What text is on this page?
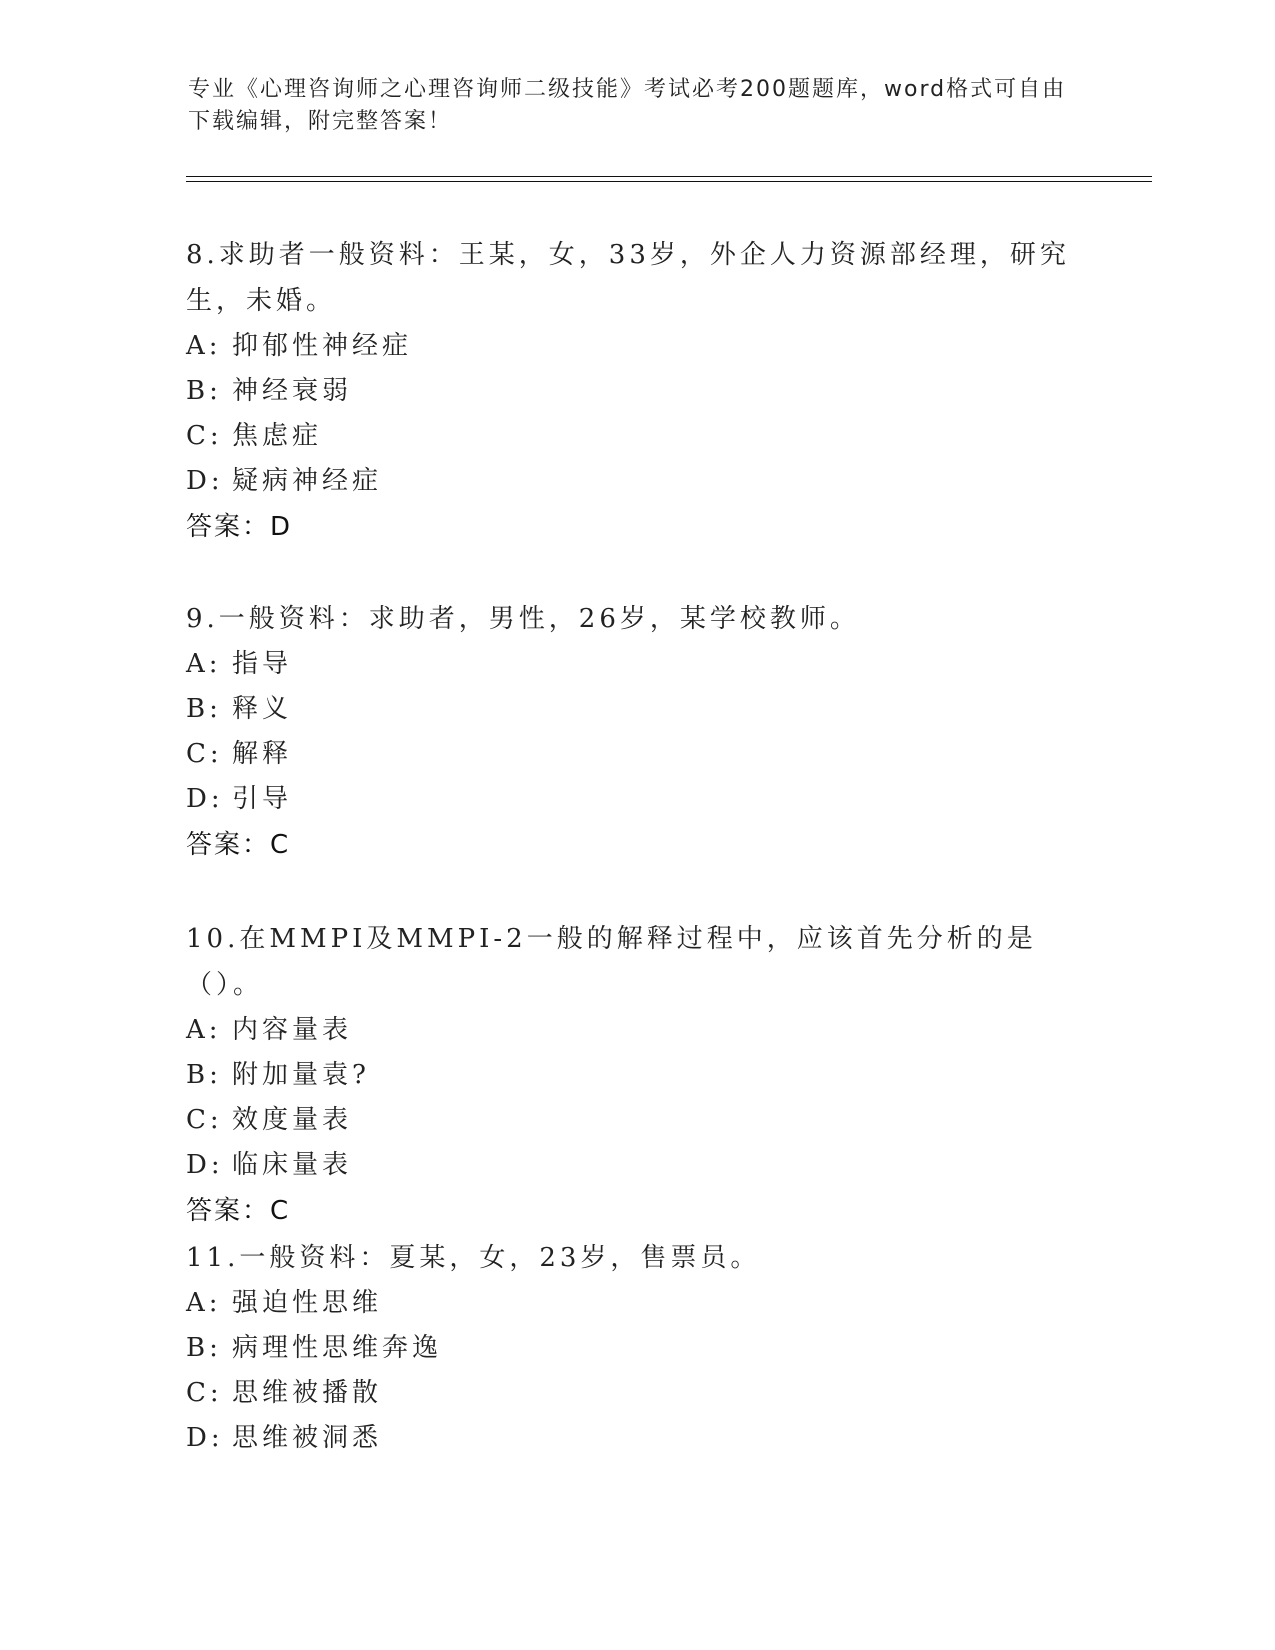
专业《心理咨询师之心理咨询师二级技能》考试必考200题题库，word格式可自由下载编辑，附完整答案！
8.求助者一般资料：王某，女，33岁，外企人力资源部经理，研究生，未婚。
A: 抑郁性神经症
B: 神经衰弱
C: 焦虑症
D: 疑病神经症
答案：D
9.一般资料：求助者，男性，26岁，某学校教师。
A: 指导
B: 释义
C: 解释
D: 引导
答案：C
10.在MMPI及MMPI-2一般的解释过程中，应该首先分析的是（）。
A: 内容量表
B: 附加量袁?
C: 效度量表
D: 临床量表
答案：C
11.一般资料：夏某，女，23岁，售票员。
A: 强迫性思维
B: 病理性思维奔逸
C: 思维被播散
D: 思维被洞悉
